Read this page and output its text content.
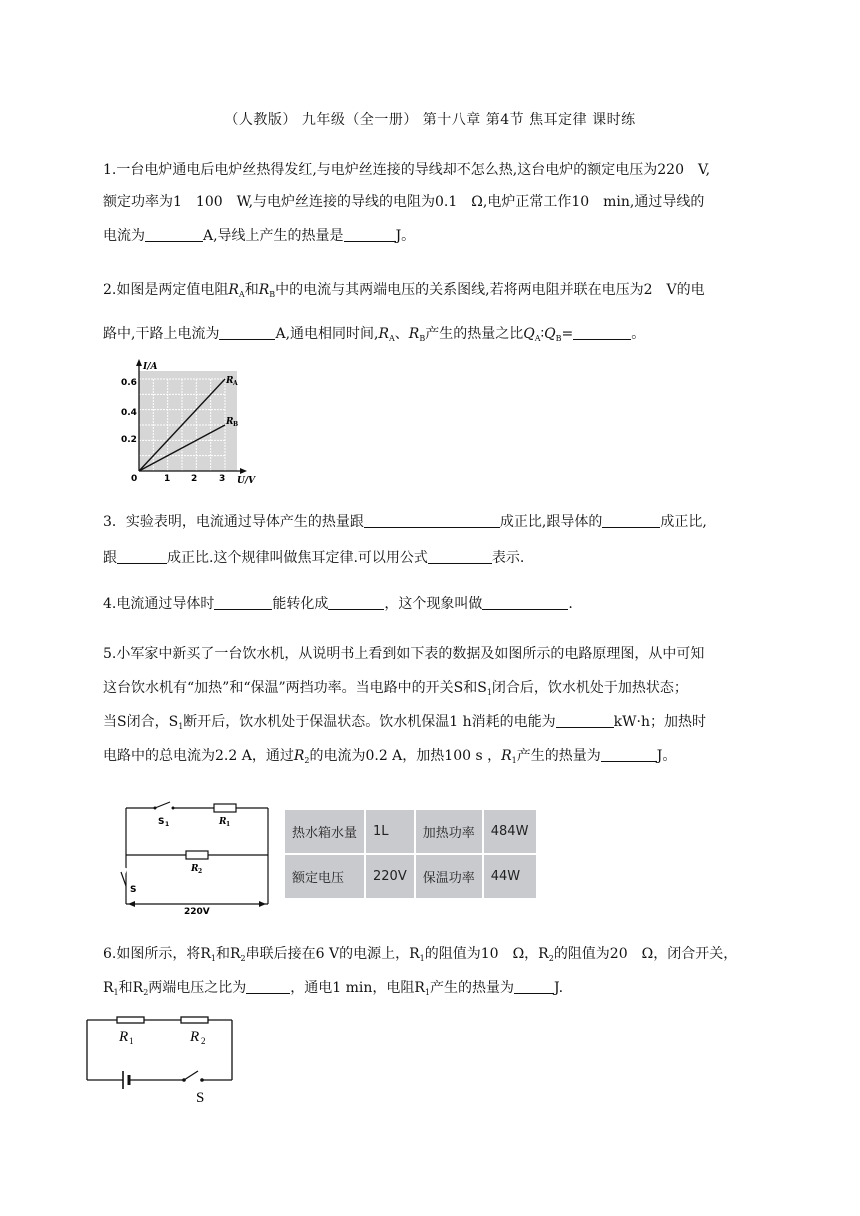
（人教版） 九年级（全一册） 第十八章 第4节 焦耳定律 课时练
1.一台电炉通电后电炉丝热得发红,与电炉丝连接的导线却不怎么热,这台电炉的额定电压为220　V,
额定功率为1　100　W,与电炉丝连接的导线的电阻为0.1　Ω,电炉正常工作10　min,通过导线的
电流为	A,导线上产生的热量是	J。
2.如图是两定值电阻$R_A$和$R_B$中的电流与其两端电压的关系图线,若将两电阻并联在电压为2　V的电
路中,干路上电流为	A,通电相同时间$,R_A$、$R_B$产生的热量之比$Q_A∶Q_B=$	。
I/A
U/V
0.6
0.4
0.2
0	1 2 3
R A
R B
3．实验表明，电流通过导体产生的热量跟	成正比,跟导体的	成正比,
跟	成正比.这个规律叫做焦耳定律.可以用公式	表示.
4.电流通过导体时	能转化成	，这个现象叫做	.
5.小军家中新买了一台饮水机，从说明书上看到如下表的数据及如图所示的电路原理图，从中可知
这台饮水机有“加热”和“保温”两挡功率。当电路中的开关S和$S_1$闭合后，饮水机处于加热状态；
当S闭合，$S_1$断开后，饮水机处于保温状态。饮水机保温1 h消耗的电能为	kW·h；加热时
电路中的总电流为2.2 A，通过$R_2$的电流为0.2 A，加热100 s ，$R_1$产生的热量为	J。
S 1	R 1
R 2
S
220V
热水箱水量	1L	加热功率	484W
额定电压	220V	保温功率	44W
6.如图所示，将$R_1$和$R_2$串联后接在6 V的电源上，$R_1$的阻值为10　Ω，$R_2$的阻值为20　Ω，闭合开关，
$R_1$和$R_2$两端电压之比为	，通电1 min，电阻$R_1$产生的热量为	J.
R 1	R 2
S
